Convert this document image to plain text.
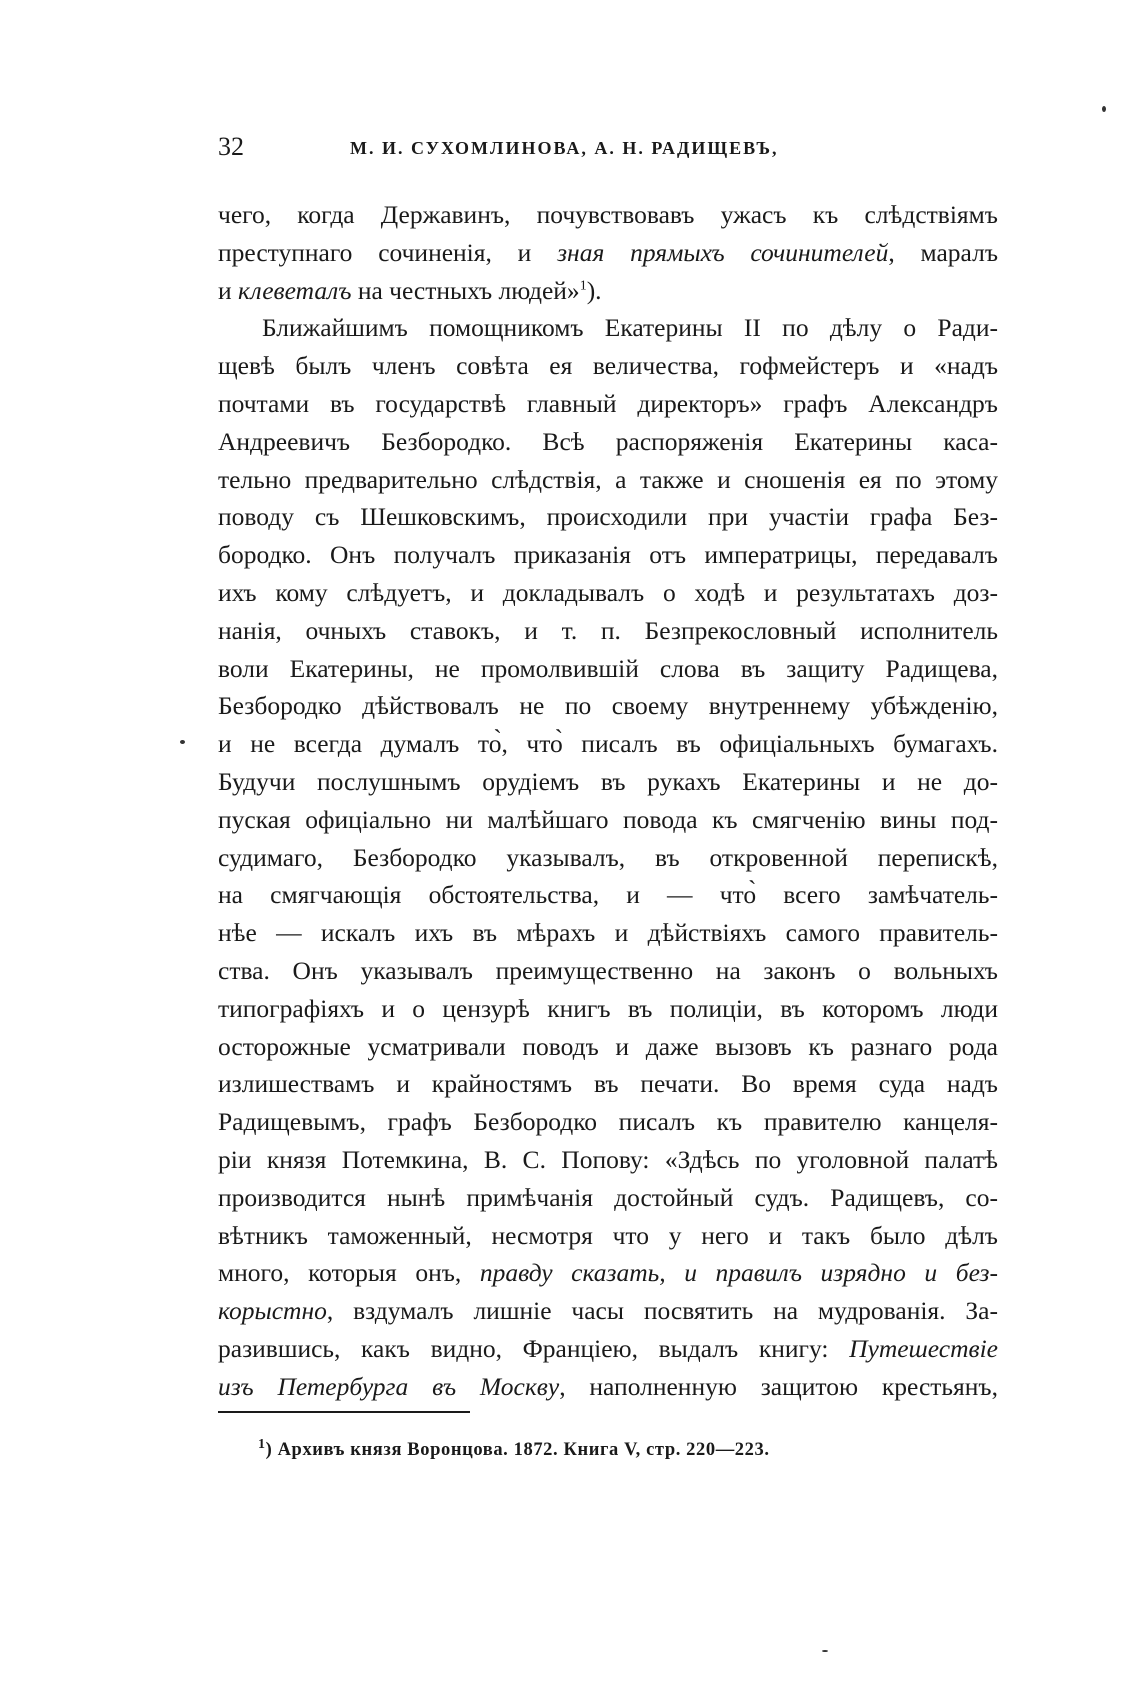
32	М. И. СУХОМЛИНОВА, А. Н. РАДИЩЕВЪ,
чего, когда Державинъ, почувствовавъ ужасъ къ слѣдствіямъ
преступнаго сочиненія, и зная прямыхъ сочинителей, маралъ
и клеветалъ на честныхъ людей»$^1$).
Ближайшимъ помощникомъ Екатерины II по дѣлу о Ради-
щевѣ былъ членъ совѣта ея величества, гофмейстеръ и «надъ
почтами въ государствѣ главный директоръ» графъ Александръ
Андреевичъ Безбородко. Всѣ распоряженія Екатерины каса-
тельно предварительно слѣдствія, а также и сношенія ея по этому
поводу съ Шешковскимъ, происходили при участіи графа Без-
бородко. Онъ получалъ приказанія отъ императрицы, передавалъ
ихъ кому слѣдуетъ, и докладывалъ о ходѣ и результатахъ доз-
нанія, очныхъ ставокъ, и т. п. Безпрекословный исполнитель
воли Екатерины, не промолвившій слова въ защиту Радищева,
Безбородко дѣйствовалъ не по своему внутреннему убѣжденію,
и не всегда думалъ то̀, что̀ писалъ въ офиціальныхъ бумагахъ.
Будучи послушнымъ орудіемъ въ рукахъ Екатерины и не до-
пуская офиціально ни малѣйшаго повода къ смягченію вины под-
судимаго, Безбородко указывалъ, въ откровенной перепискѣ,
на смягчающія обстоятельства, и — что̀ всего замѣчатель-
нѣе — искалъ ихъ въ мѣрахъ и дѣйствіяхъ самого правитель-
ства. Онъ указывалъ преимущественно на законъ о вольныхъ
типографіяхъ и о цензурѣ книгъ въ полиціи, въ которомъ люди
осторожные усматривали поводъ и даже вызовъ къ разнаго рода
излишествамъ и крайностямъ въ печати. Во время суда надъ
Радищевымъ, графъ Безбородко писалъ къ правителю канцеля-
ріи князя Потемкина, В. С. Попову: «Здѣсь по уголовной палатѣ
производится нынѣ примѣчанія достойный судъ. Радищевъ, со-
вѣтникъ таможенный, несмотря что у него и такъ было дѣлъ
много, которыя онъ, правду сказать, и правилъ изрядно и без-
корыстно, вздумалъ лишніе часы посвятить на мудрованія. За-
разившись, какъ видно, Франціею, выдалъ книгу: Путешествіе
изъ Петербурга въ Москву, наполненную защитою крестьянъ,
$^1$) Архивъ князя Воронцова. 1872. Книга V, стр. 220—223.
